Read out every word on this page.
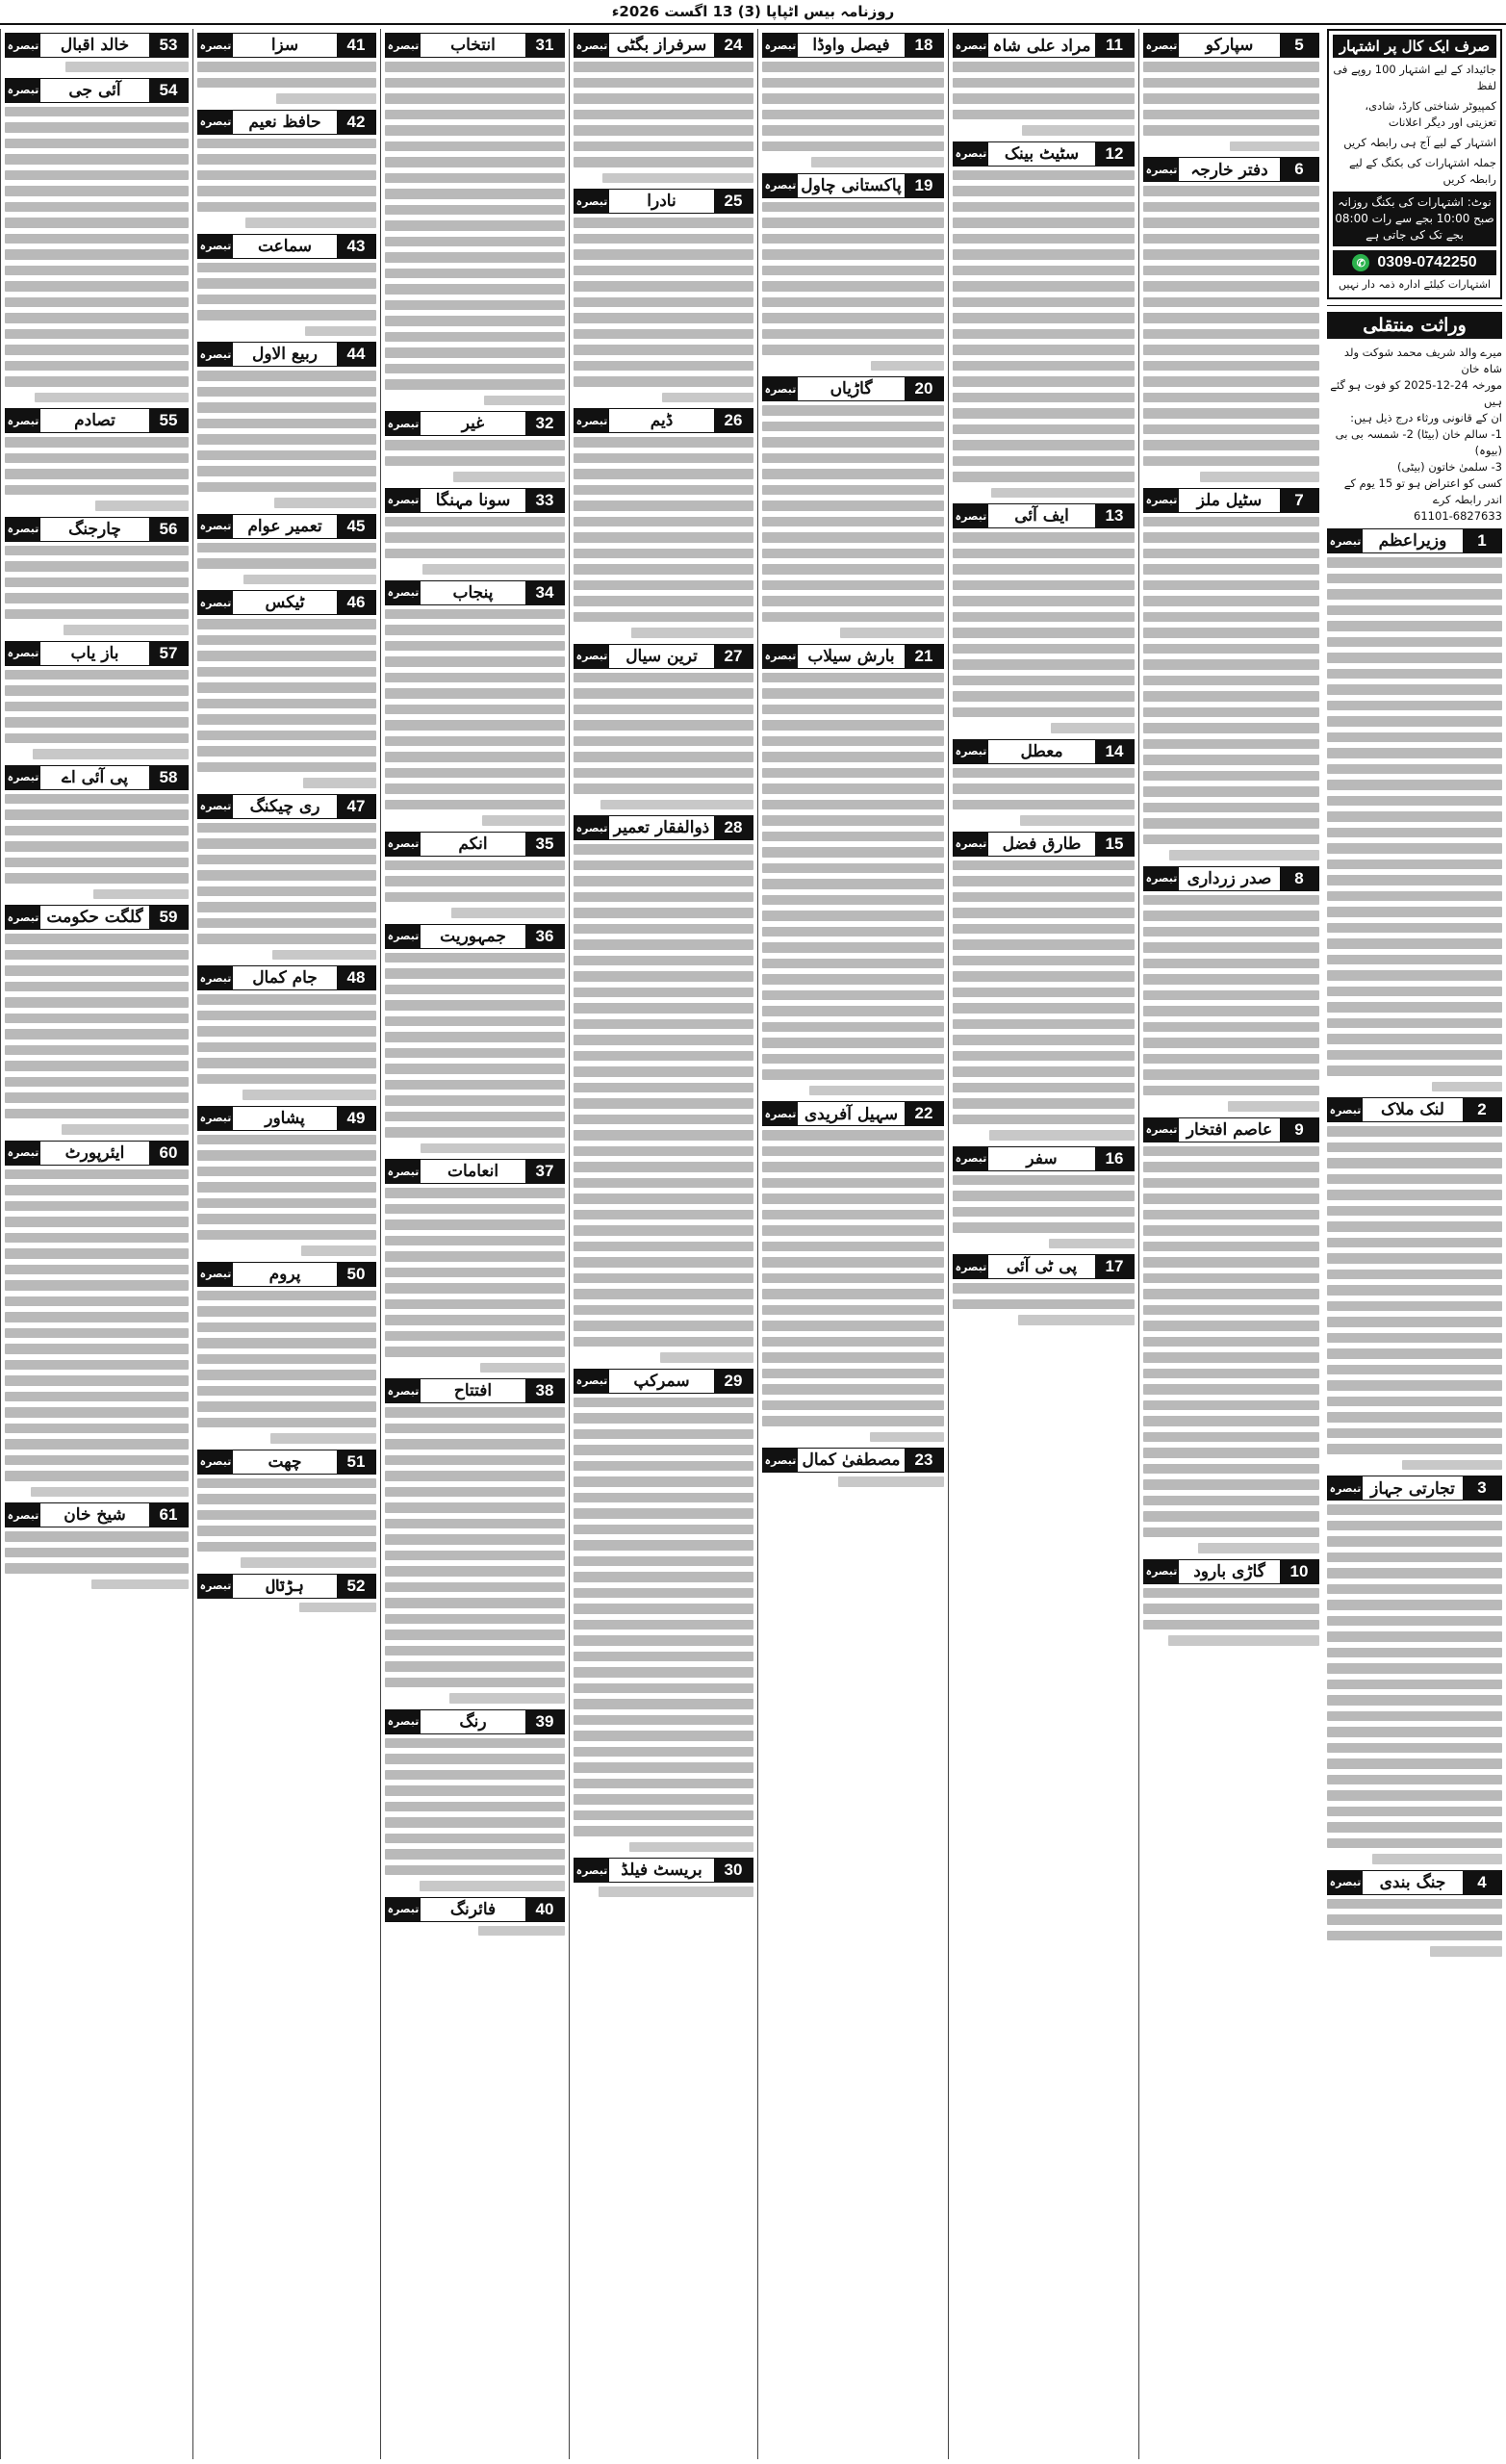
روزنامہ بیس اٹپاپا (3) 13 اگست 2026ء
صرف ایک کال پر اشتہار
جائیداد کے لیے اشتہار 100 روپے فی لفظ
کمپیوٹر شناختی کارڈ، شادی، تعزیتی اور دیگر اعلانات
اشتہار کے لیے آج ہی رابطہ کریں
جملہ اشتہارات کی بکنگ کے لیے رابطہ کریں
نوٹ: اشتہارات کی بکنگ روزانہ صبح 10:00 بجے سے رات 08:00 بجے تک کی جاتی ہے
✆ 0309-0742250
اشتہارات کیلئے ادارہ ذمہ دار نہیں
وراثت منتقلی
میرے والد شریف محمد شوکت ولد شاہ خان
مورخہ 24-12-2025 کو فوت ہو گئے ہیں
ان کے قانونی ورثاء درج ذیل ہیں:
1- سالم خان (بیٹا) 2- شمسہ بی بی (بیوہ)
3- سلمیٰ خاتون (بیٹی)
کسی کو اعتراض ہو تو 15 یوم کے اندر رابطہ کرے
61101-6827633
1
وزیراعظم
تبصرہ
2
لنک ملاک
تبصرہ
3
تجارتی جہاز
تبصرہ
4
جنگ بندی
تبصرہ
5
سپارکو
تبصرہ
6
دفتر خارجہ
تبصرہ
7
سٹیل ملز
تبصرہ
8
صدر زرداری
تبصرہ
9
عاصم افتخار
تبصرہ
10
گاڑی بارود
تبصرہ
11
مراد علی شاہ
تبصرہ
12
سٹیٹ بینک
تبصرہ
13
ایف آئی
تبصرہ
14
معطل
تبصرہ
15
طارق فضل
تبصرہ
16
سفر
تبصرہ
17
پی ٹی آئی
تبصرہ
18
فیصل واوڈا
تبصرہ
19
پاکستانی چاول
تبصرہ
20
گاڑیاں
تبصرہ
21
بارش سیلاب
تبصرہ
22
سہیل آفریدی
تبصرہ
23
مصطفیٰ کمال
تبصرہ
24
سرفراز بگٹی
تبصرہ
25
نادرا
تبصرہ
26
ڈیم
تبصرہ
27
ترین سیال
تبصرہ
28
ذوالفقار تعمیر
تبصرہ
29
سمرکپ
تبصرہ
30
بریسٹ فیلڈ
تبصرہ
31
انتخاب
تبصرہ
32
غیر
تبصرہ
33
سونا مہنگا
تبصرہ
34
پنجاب
تبصرہ
35
انکم
تبصرہ
36
جمہوریت
تبصرہ
37
انعامات
تبصرہ
38
افتتاح
تبصرہ
39
رنگ
تبصرہ
40
فائرنگ
تبصرہ
41
سزا
تبصرہ
42
حافظ نعیم
تبصرہ
43
سماعت
تبصرہ
44
ربیع الاول
تبصرہ
45
تعمیر عوام
تبصرہ
46
ٹیکس
تبصرہ
47
ری چیکنگ
تبصرہ
48
جام کمال
تبصرہ
49
پشاور
تبصرہ
50
پروم
تبصرہ
51
چھت
تبصرہ
52
ہڑتال
تبصرہ
53
خالد اقبال
تبصرہ
54
آئی جی
تبصرہ
55
تصادم
تبصرہ
56
چارجنگ
تبصرہ
57
باز یاب
تبصرہ
58
پی آئی اے
تبصرہ
59
گلگت حکومت
تبصرہ
60
ایئرپورٹ
تبصرہ
61
شیخ خان
تبصرہ
